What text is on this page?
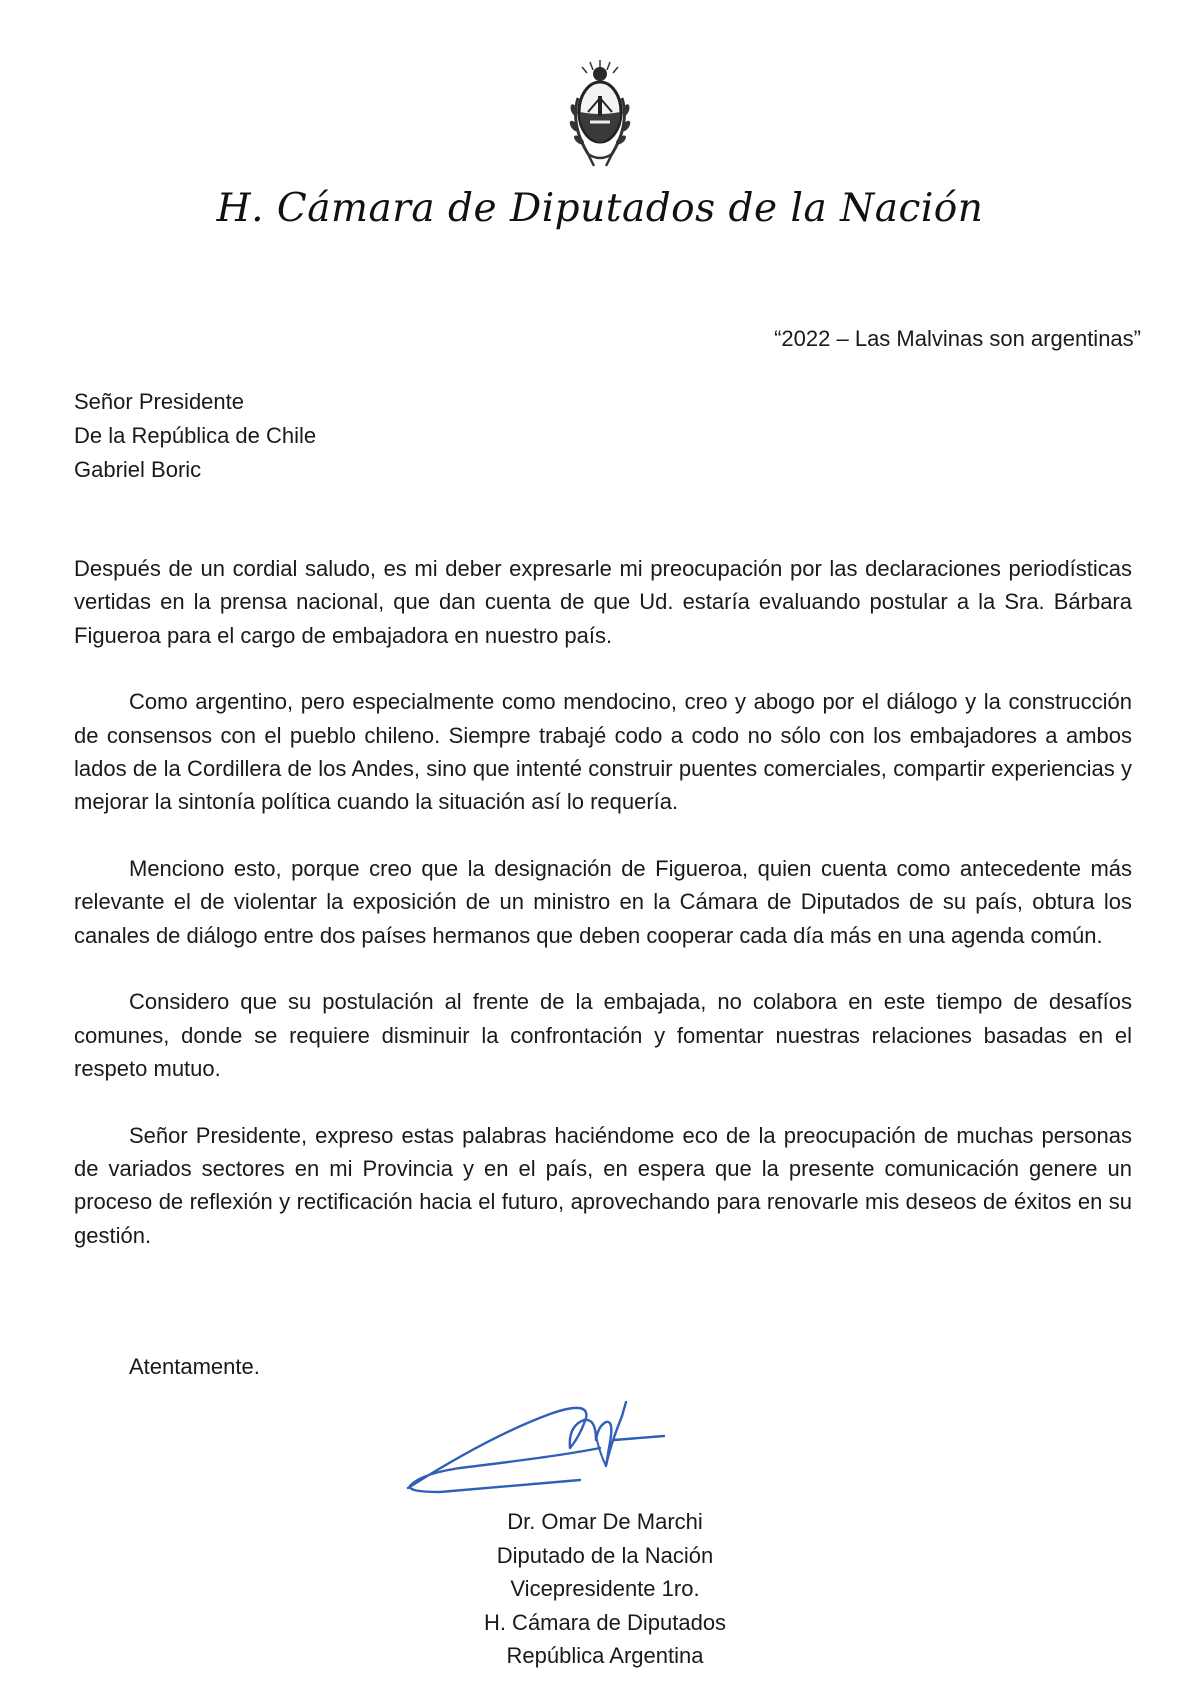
H. Cámara de Diputados de la Nación
“2022 – Las Malvinas son argentinas”
Señor Presidente
De la República de Chile
Gabriel Boric

Después de un cordial saludo, es mi deber expresarle mi preocupación por las declaraciones periodísticas vertidas en la prensa nacional, que dan cuenta de que Ud. estaría evaluando postular a la Sra. Bárbara Figueroa para el cargo de embajadora en nuestro país.

Como argentino, pero especialmente como mendocino, creo y abogo por el diálogo y la construcción de consensos con el pueblo chileno. Siempre trabajé codo a codo no sólo con los embajadores a ambos lados de la Cordillera de los Andes, sino que intenté construir puentes comerciales, compartir experiencias y mejorar la sintonía política cuando la situación así lo requería.

Menciono esto, porque creo que la designación de Figueroa, quien cuenta como antecedente más relevante el de violentar la exposición de un ministro en la Cámara de Diputados de su país, obtura los canales de diálogo entre dos países hermanos que deben cooperar cada día más en una agenda común.

Considero que su postulación al frente de la embajada, no colabora en este tiempo de desafíos comunes, donde se requiere disminuir la confrontación y fomentar nuestras relaciones basadas en el respeto mutuo.

Señor Presidente, expreso estas palabras haciéndome eco de la preocupación de muchas personas de variados sectores en mi Provincia y en el país, en espera que la presente comunicación genere un proceso de reflexión y rectificación hacia el futuro, aprovechando para renovarle mis deseos de éxitos en su gestión.

Atentamente.
Dr. Omar De Marchi
Diputado de la Nación
Vicepresidente 1ro.
H. Cámara de Diputados
República Argentina
